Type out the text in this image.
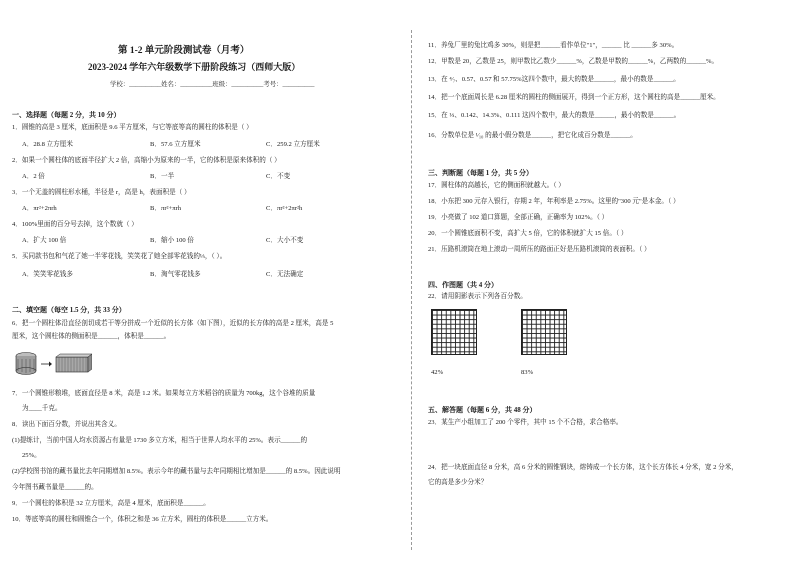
第 1-2 单元阶段测试卷（月考）
2023-2024 学年六年级数学下册阶段练习（西师大版）
学校：__________姓名：__________班级：__________考号：__________
一、选择题（每题 2 分，共 10 分）
1．圆锥的高是 3 厘米，底面积是 9.6 平方厘米，与它等底等高的圆柱的体积是（ ）
A．28.8 立方厘米	B．57.6 立方厘米	C．259.2 立方厘米
2．如果一个圆柱体的底面半径扩大 2 倍，高缩小为原来的一半，它的体积是原来体积的（ ）
A．2 倍	B．一半	C．不变
3．一个无盖的圆柱形水桶，半径是 r，高是 h，表面积是（ ）
A．πr²+2πrh	B．πr²+πrh	C．πr²+2πr²h
4．100%里面的百分号去掉，这个数就（ ）
A．扩大 100 倍	B．缩小 100 倍	C．大小不变
5．买同款书包和气花了她一半零花钱，笑笑花了她全部零花钱的⅓，（ ）。
A．笑笑零花钱多	B．淘气零花钱多	C．无法确定
二、填空题（每空 1.5 分，共 33 分）
6．把一个圆柱体沿直径剖切成若干等分拼成一个近似的长方体（如下图），近似的长方体的高是 2 厘米，高是 5
厘米，这个圆柱体的侧面积是______，体积是______。
7．一个圆锥形粮堆，底面直径是 8 米，高是 1.2 米。如果每立方米稻谷的质量为 700kg，这个谷堆的质量
为____千克。
8．读出下面百分数，并说出其含义。
(1)提练计，当前中国人均水资源占有量是 1730 多立方米，相当于世界人均水平的 25%。表示______的
25%。
(2)学校图书馆的藏书量比去年同期增加 8.5%。表示今年的藏书量与去年同期相比增加是______的 8.5%。因此说明
今年图书藏书量是______的。
9．一个圆柱的体积是 32 立方厘米，高是 4 厘米，底面积是______。
10．等底等高的圆柱和圆锥合一个，体积之和是 36 立方米，圆柱的体积是______立方米。
11．养兔厂里的兔比鸡多 30%，则是把______看作单位"1"，______ 比 ______多 30%。
12．甲数是 20，乙数是 25，则甲数比乙数少______%，乙数是甲数的______%，乙两数的______%。
13．在 ⁴⁄₇、0.57、0.57̇ 和 57.75%这四个数中，最大的数是______，最小的数是______。
14．把一个底面周长是 6.28 厘米的圆柱的侧面展开，得到一个正方形，这个圆柱的高是______厘米。
15．在 ⅓、0.142、14.3%、0.111 这四个数中，最大的数是______，最小的数是______。
16．分数单位是 ¹⁄₁₀ 的最小假分数是______，把它化成百分数是______。
三、判断题（每题 1 分，共 5 分）
17．圆柱体的高越长，它的侧面积就越大。（ ）
18．小东把 300 元存入银行，存期 2 年，年利率是 2.75%。这里的"300 元"是本金。（ ）
19．小亮做了 102 道口算题，全部正确，正确率为 102%。（ ）
20．一个圆锥底面积不变，高扩大 5 倍，它的体积就扩大 15 倍。（ ）
21．压路机滚筒在地上滚动一周所压的路面正好是压路机滚筒的表面积。（ ）
四、作图题（共 4 分）
22．请用阴影表示下列各百分数。
42%	83%
五、解答题（每题 6 分，共 48 分）
23．某生产小组加工了 200 个零件，其中 15 个不合格，求合格率。
24．把一块底面直径 8 分米，高 6 分米的圆锥钢块，熔铸成一个长方体，这个长方体长 4 分米，宽 2 分米，
它的高是多少分米？
